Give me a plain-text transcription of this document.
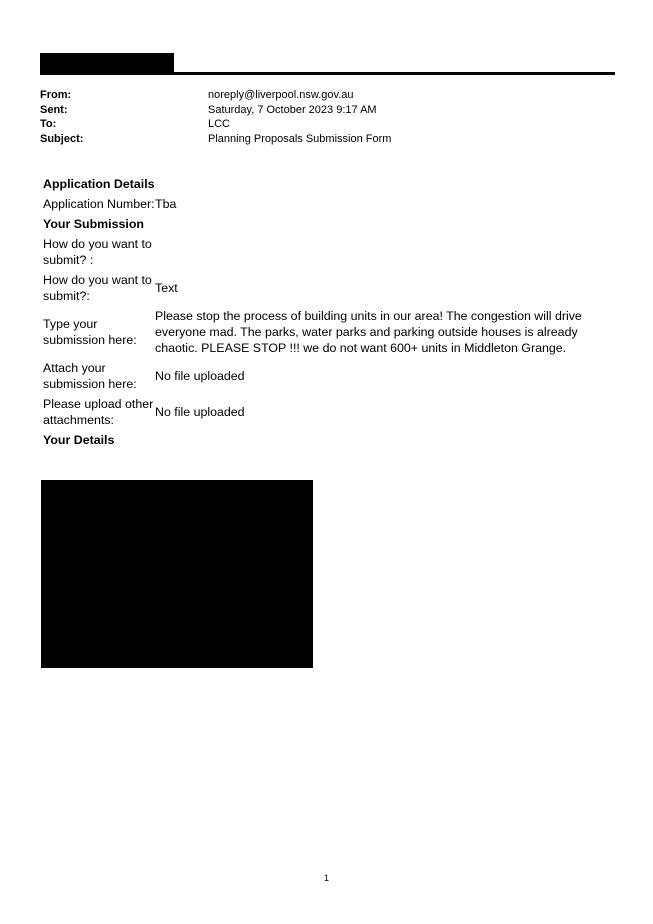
From:	noreply@liverpool.nsw.gov.au
Sent:	Saturday, 7 October 2023 9:17 AM
To:	LCC
Subject:	Planning Proposals Submission Form
Application Details
Application Number: Tba
Your Submission
How do you want to submit? :
How do you want to submit?:
Text
Type your submission here:
Please stop the process of building units in our area! The congestion will drive everyone mad. The parks, water parks and parking outside houses is already chaotic. PLEASE STOP !!! we do not want 600+ units in Middleton Grange.
Attach your submission here:
No file uploaded
Please upload other attachments:
No file uploaded
Your Details
1
